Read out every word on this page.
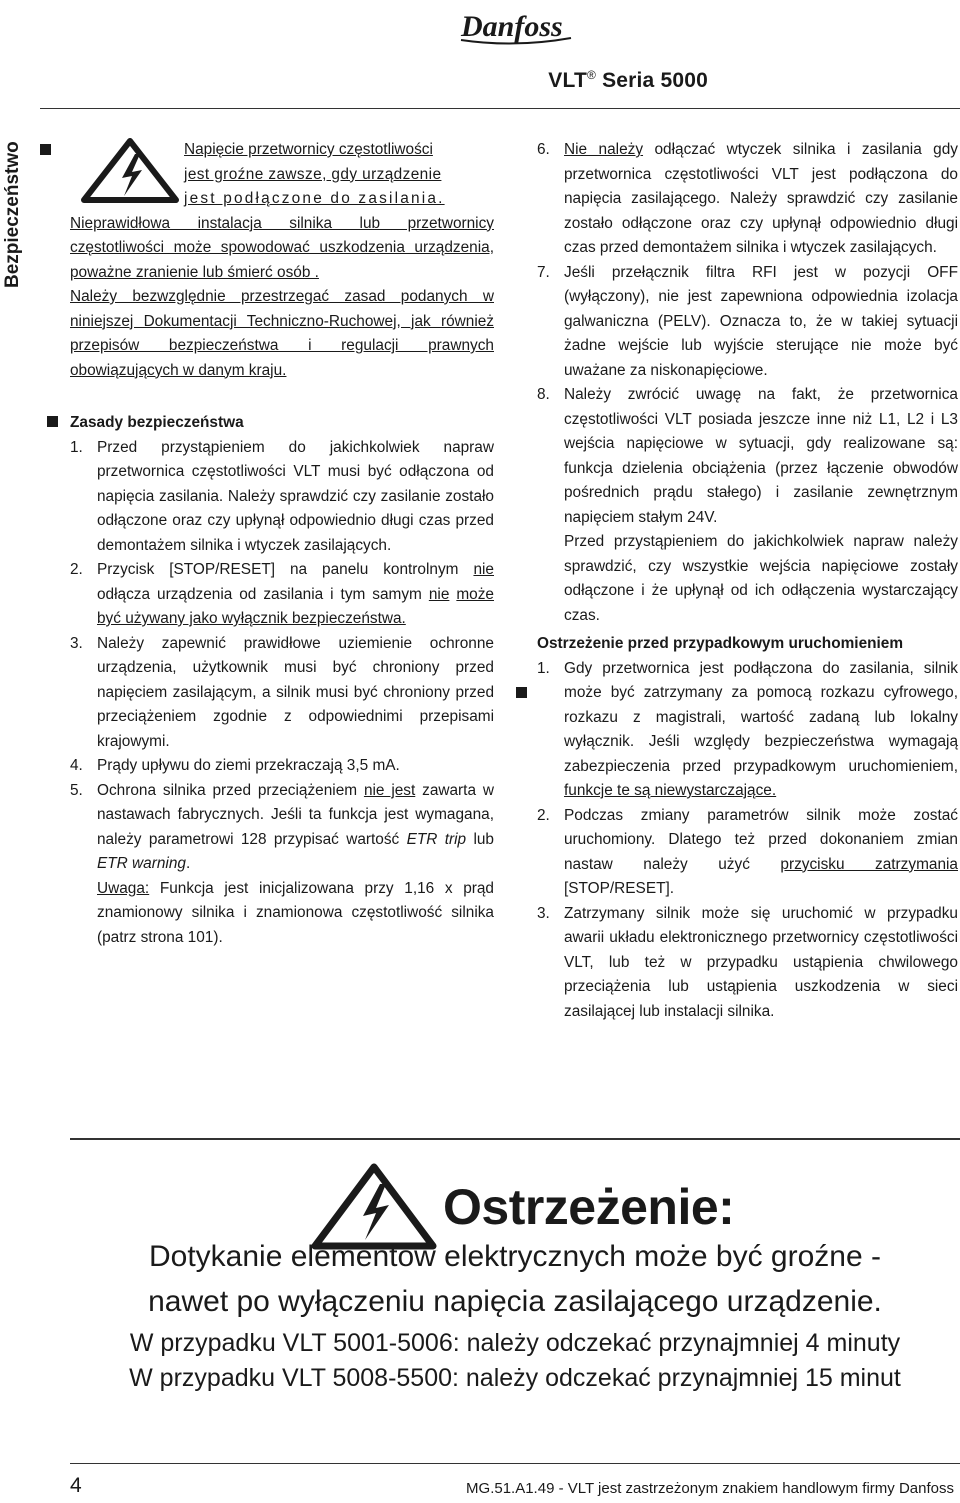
Danfoss
VLT® Seria 5000
Bezpieczeństwo	Napięcie przetwornicy częstotliwości

jest groźne zawsze, gdy urządzenie

jest podłączone do zasilania.

Nieprawidłowa instalacja silnika lub przetwornicy częstotliwości może spowodować uszkodzenia urządzenia, poważne zranienie lub śmierć osób .

Należy bezwzględnie przestrzegać zasad podanych w niniejszej Dokumentacji Techniczno-Ruchowej, jak również przepisów bezpieczeństwa i regulacji prawnych obowiązujących w danym kraju.

Zasady bezpieczeństwa

1. Przed przystąpieniem do jakichkolwiek napraw przetwornica częstotliwości VLT musi być odłączona od napięcia zasilania. Należy sprawdzić czy zasilanie zostało odłączone oraz czy upłynął odpowiednio długi czas przed demontażem silnika i wtyczek zasilających.

2. Przycisk [STOP/RESET] na panelu kontrolnym nie odłącza urządzenia od zasilania i tym samym nie może być używany jako wyłącznik bezpieczeństwa.

3. Należy zapewnić prawidłowe uziemienie ochronne urządzenia, użytkownik musi być chroniony przed napięciem zasilającym, a silnik musi być chroniony przed przeciążeniem zgodnie z odpowiednimi przepisami krajowymi.

4. Prądy upływu do ziemi przekraczają 3,5 mA.

5. Ochrona silnika przed przeciążeniem nie jest zawarta w nastawach fabrycznych. Jeśli ta funkcja jest wymagana, należy parametrowi 128 przypisać wartość ETR trip lub ETR warning.

Uwaga: Funkcja jest inicjalizowana przy 1,16 x prąd znamionowy silnika i znamionowa częstotliwość silnika (patrz strona 101).

6. Nie należy odłączać wtyczek silnika i zasilania gdy przetwornica częstotliwości VLT jest podłączona do napięcia zasilającego. Należy sprawdzić czy zasilanie zostało odłączone oraz czy upłynął odpowiednio długi czas przed demontażem silnika i wtyczek zasilających.

7. Jeśli przełącznik filtra RFI jest w pozycji OFF (wyłączony), nie jest zapewniona odpowiednia izolacja galwaniczna (PELV). Oznacza to, że w takiej sytuacji żadne wejście lub wyjście sterujące nie może być uważane za niskonapięciowe.

8. Należy zwrócić uwagę na fakt, że przetwornica częstotliwości VLT posiada jeszcze inne niż L1, L2 i L3 wejścia napięciowe w sytuacji, gdy realizowane są: funkcja dzielenia obciążenia (przez łączenie obwodów pośrednich prądu stałego) i zasilanie zewnętrznym napięciem stałym 24V.

Przed przystąpieniem do jakichkolwiek napraw należy sprawdzić, czy wszystkie wejścia napięciowe zostały odłączone i że upłynął od ich odłączenia wystarczający czas.

Ostrzeżenie przed przypadkowym uruchomieniem

1. Gdy przetwornica jest podłączona do zasilania, silnik może być zatrzymany za pomocą rozkazu cyfrowego, rozkazu z magistrali, wartość zadaną lub lokalny wyłącznik. Jeśli względy bezpieczeństwa wymagają zabezpieczenia przed przypadkowym uruchomieniem, funkcje te są niewystarczające.

2. Podczas zmiany parametrów silnik może zostać uruchomiony. Dlatego też przed dokonaniem zmian nastaw należy użyć przycisku zatrzymania [STOP/RESET].

3. Zatrzymany silnik może się uruchomić w przypadku awarii układu elektronicznego przetwornicy częstotliwości VLT, lub też w przypadku ustąpienia chwilowego przeciążenia lub ustąpienia uszkodzenia w sieci zasilającej lub instalacji silnika.

Ostrzeżenie:
Dotykanie elementów elektrycznych może być groźne -
nawet po wyłączeniu napięcia zasilającego urządzenie.
W przypadku VLT 5001-5006: należy odczekać przynajmniej 4 minuty
W przypadku VLT 5008-5500: należy odczekać przynajmniej 15 minut
4	MG.51.A1.49 - VLT jest zastrzeżonym znakiem handlowym firmy Danfoss
